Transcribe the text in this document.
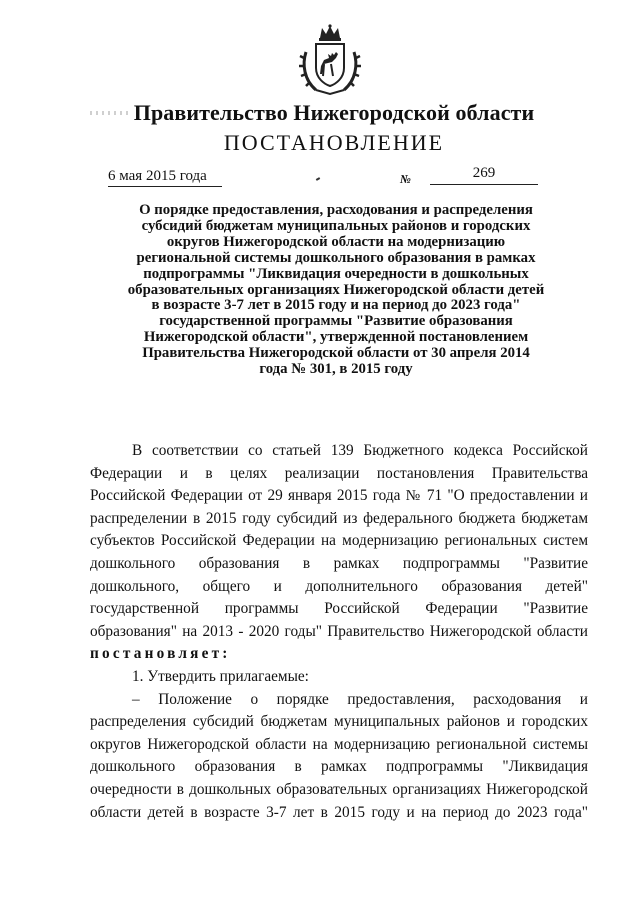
Правительство Нижегородской области
ПОСТАНОВЛЕНИЕ
6 мая 2015 года	№	269
О порядке предоставления, расходования и распределения
субсидий бюджетам муниципальных районов и городских
округов Нижегородской области на модернизацию
региональной системы дошкольного образования в рамках
подпрограммы "Ликвидация очередности в дошкольных
образовательных организациях Нижегородской области детей
в возрасте 3-7 лет в 2015 году и на период до 2023 года"
государственной программы "Развитие образования
Нижегородской области", утвержденной постановлением
Правительства Нижегородской области от 30 апреля 2014
года № 301, в 2015 году
В соответствии со статьей 139 Бюджетного кодекса Российской
Федерации и в целях реализации постановления Правительства
Российской Федерации от 29 января 2015 года № 71 "О предоставлении и
распределении в 2015 году субсидий из федерального бюджета бюджетам
субъектов Российской Федерации на модернизацию региональных систем
дошкольного образования в рамках подпрограммы "Развитие
дошкольного, общего и дополнительного образования детей"
государственной программы Российской Федерации "Развитие
образования" на 2013 - 2020 годы" Правительство Нижегородской области
постановляет:
1. Утвердить прилагаемые:
– Положение о порядке предоставления, расходования и
распределения субсидий бюджетам муниципальных районов и городских
округов Нижегородской области на модернизацию региональной системы
дошкольного образования в рамках подпрограммы "Ликвидация
очередности в дошкольных образовательных организациях Нижегородской
области детей в возрасте 3-7 лет в 2015 году и на период до 2023 года"
